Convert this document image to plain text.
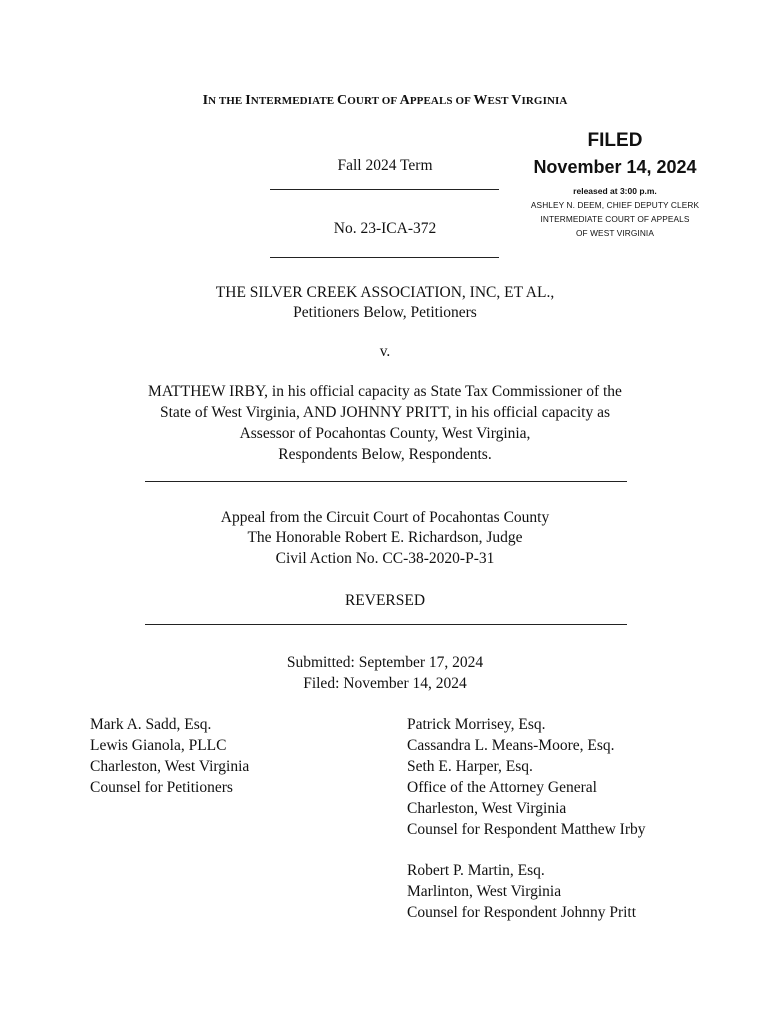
IN THE INTERMEDIATE COURT OF APPEALS OF WEST VIRGINIA
Fall 2024 Term
No. 23-ICA-372
FILED
November 14, 2024
released at 3:00 p.m.
ASHLEY N. DEEM, CHIEF DEPUTY CLERK
INTERMEDIATE COURT OF APPEALS
OF WEST VIRGINIA
THE SILVER CREEK ASSOCIATION, INC, ET AL.,
Petitioners Below, Petitioners
v.
MATTHEW IRBY, in his official capacity as State Tax Commissioner of the
State of West Virginia, AND JOHNNY PRITT, in his official capacity as
Assessor of Pocahontas County, West Virginia,
Respondents Below, Respondents.
Appeal from the Circuit Court of Pocahontas County
The Honorable Robert E. Richardson, Judge
Civil Action No. CC-38-2020-P-31
REVERSED
Submitted: September 17, 2024
Filed: November 14, 2024
Mark A. Sadd, Esq.
Lewis Gianola, PLLC
Charleston, West Virginia
Counsel for Petitioners
Patrick Morrisey, Esq.
Cassandra L. Means-Moore, Esq.
Seth E. Harper, Esq.
Office of the Attorney General
Charleston, West Virginia
Counsel for Respondent Matthew Irby
Robert P. Martin, Esq.
Marlinton, West Virginia
Counsel for Respondent Johnny Pritt
